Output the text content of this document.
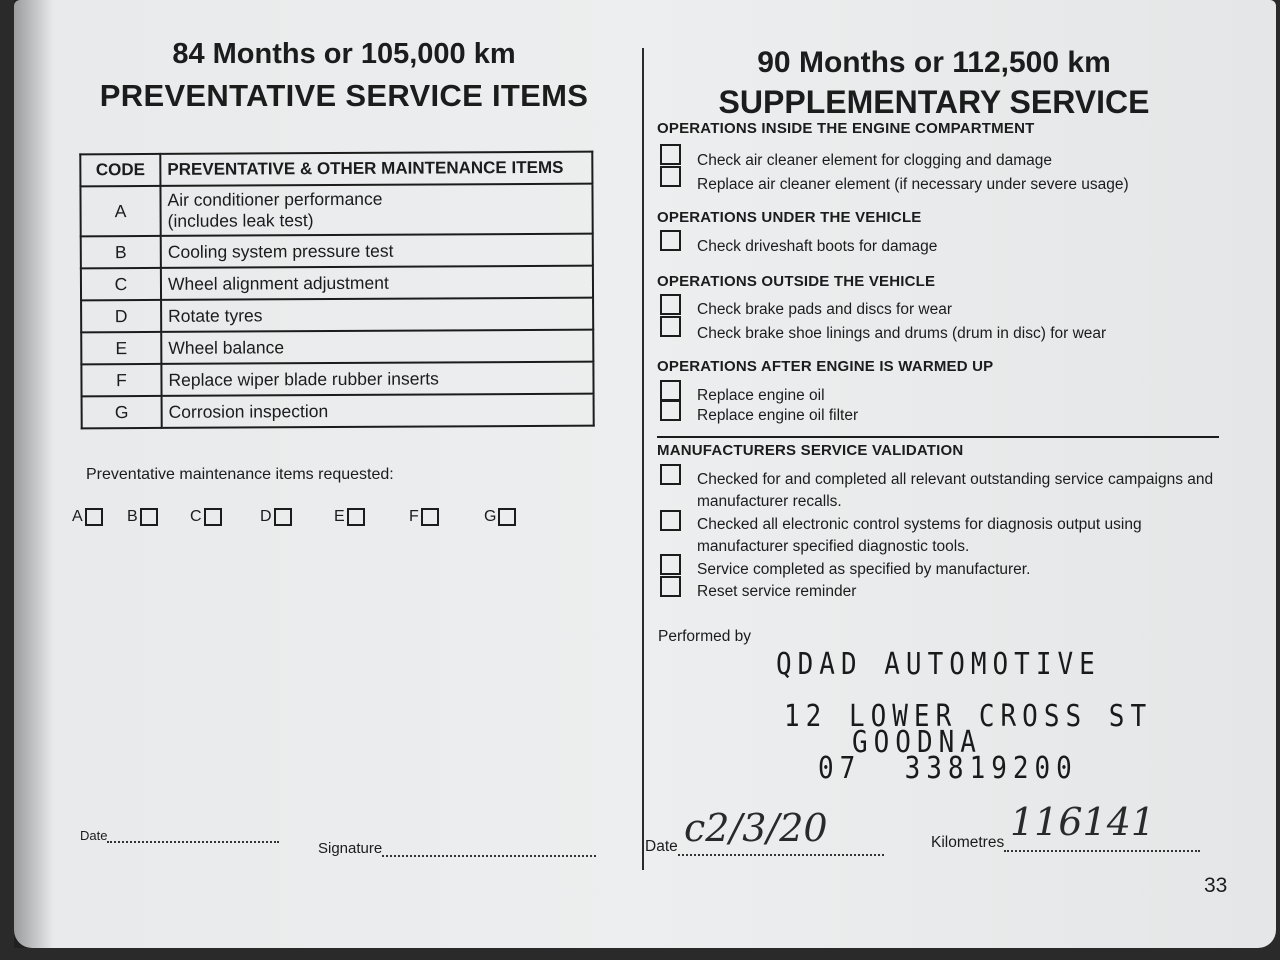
84 Months or 105,000 km
PREVENTATIVE SERVICE ITEMS
CODE	PREVENTATIVE & OTHER MAINTENANCE ITEMS
A	Air conditioner performance
(includes leak test)

B	Cooling system pressure test
C	Wheel alignment adjustment
D	Rotate tyres
E	Wheel balance
F	Replace wiper blade rubber inserts
G	Corrosion inspection
Preventative maintenance items requested:
A	B	C	D	E	F	G
Date
Signature
90 Months or 112,500 km
SUPPLEMENTARY SERVICE
OPERATIONS INSIDE THE ENGINE COMPARTMENT
Check air cleaner element for clogging and damage
Replace air cleaner element (if necessary under severe usage)
OPERATIONS UNDER THE VEHICLE
Check driveshaft boots for damage
OPERATIONS OUTSIDE THE VEHICLE
Check brake pads and discs for wear
Check brake shoe linings and drums (drum in disc) for wear
OPERATIONS AFTER ENGINE IS WARMED UP
Replace engine oil
Replace engine oil filter
MANUFACTURERS SERVICE VALIDATION
Checked for and completed all relevant outstanding service campaigns and
manufacturer recalls.
Checked all electronic control systems for diagnosis output using
manufacturer specified diagnostic tools.
Service completed as specified by manufacturer.
Reset service reminder
Performed by
QDAD AUTOMOTIVE
12 LOWER CROSS ST
GOODNA
07  33819200
Date c2/3/20	Kilometres 116141
33
